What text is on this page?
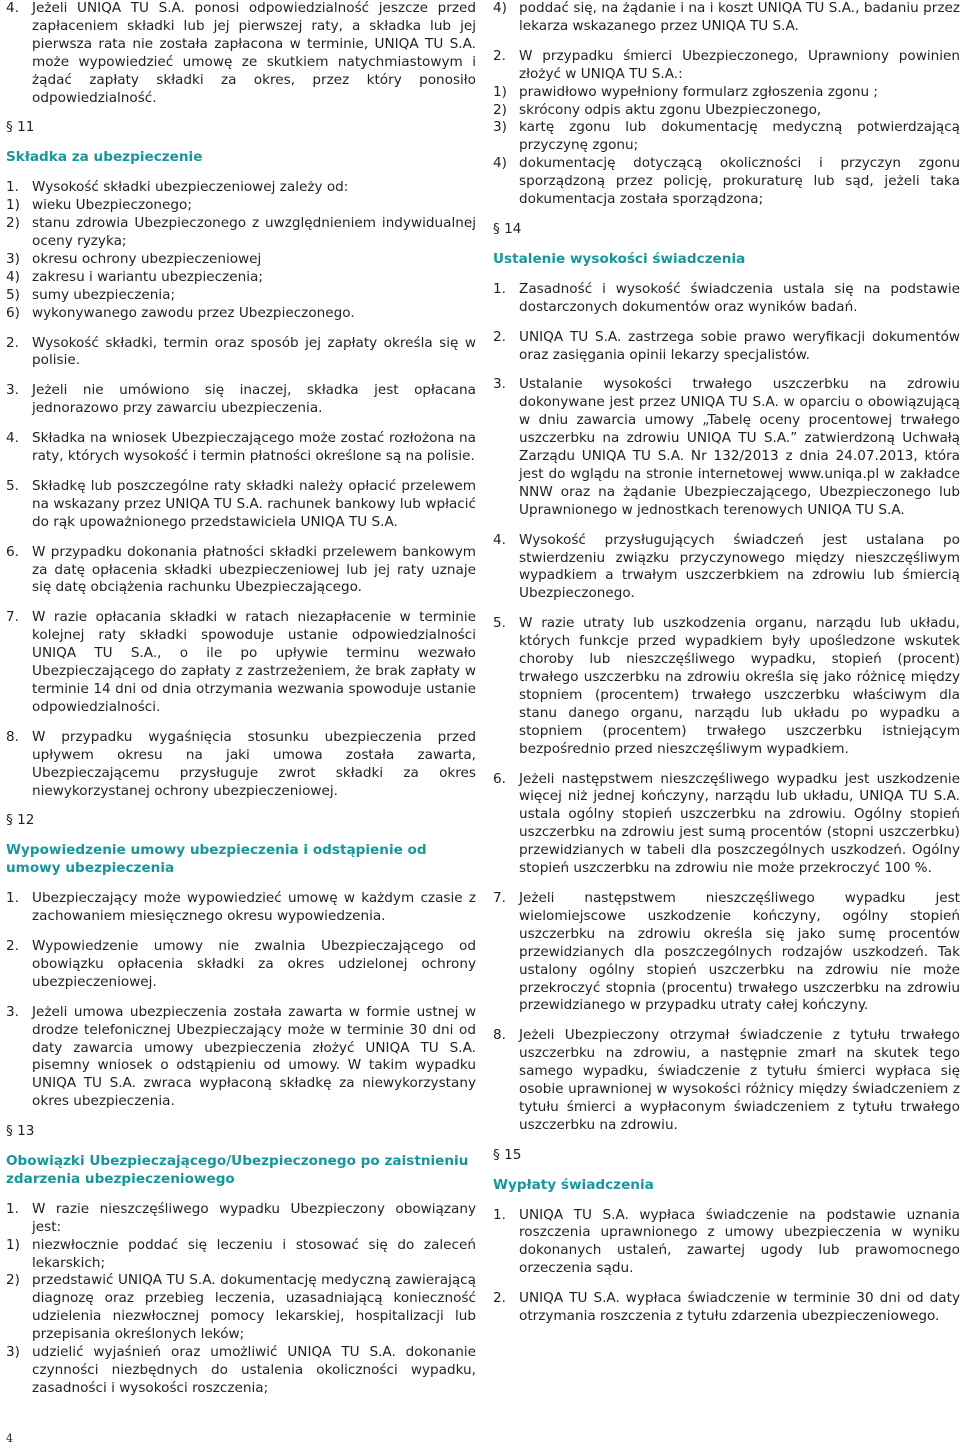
4. Jeżeli UNIQA TU S.A. ponosi odpowiedzialność jeszcze przed zapłaceniem składki lub jej pierwszej raty, a składka lub jej pierwsza rata nie została zapłacona w terminie, UNIQA TU S.A. może wypowiedzieć umowę ze skutkiem natychmiastowym i żądać zapłaty składki za okres, przez który ponosiło odpowiedzialność.

§ 11

Składka za ubezpieczenie

1. Wysokość składki ubezpieczeniowej zależy od:

1) wieku Ubezpieczonego;

2) stanu zdrowia Ubezpieczonego z uwzględnieniem indywidualnej oceny ryzyka;

3) okresu ochrony ubezpieczeniowej

4) zakresu i wariantu ubezpieczenia;

5) sumy ubezpieczenia;

6) wykonywanego zawodu przez Ubezpieczonego.

2. Wysokość składki, termin oraz sposób jej zapłaty określa się w polisie.

3. Jeżeli nie umówiono się inaczej, składka jest opłacana jednorazowo przy zawarciu ubezpieczenia.

4. Składka na wniosek Ubezpieczającego może zostać rozłożona na raty, których wysokość i termin płatności określone są na polisie.

5. Składkę lub poszczególne raty składki należy opłacić przelewem na wskazany przez UNIQA TU S.A. rachunek bankowy lub wpłacić do rąk upoważnionego przedstawiciela UNIQA TU S.A.

6. W przypadku dokonania płatności składki przelewem bankowym za datę opłacenia składki ubezpieczeniowej lub jej raty uznaje się datę obciążenia rachunku Ubezpieczającego.

7. W razie opłacania składki w ratach niezapłacenie w terminie kolejnej raty składki spowoduje ustanie odpowiedzialności UNIQA TU S.A., o ile po upływie terminu wezwało Ubezpieczającego do zapłaty z zastrzeżeniem, że brak zapłaty w terminie 14 dni od dnia otrzymania wezwania spowoduje ustanie odpowiedzialności.

8. W przypadku wygaśnięcia stosunku ubezpieczenia przed upływem okresu na jaki umowa została zawarta, Ubezpieczającemu przysługuje zwrot składki za okres niewykorzystanej ochrony ubezpieczeniowej.

§ 12

Wypowiedzenie umowy ubezpieczenia i odstąpienie od umowy ubezpieczenia

1. Ubezpieczający może wypowiedzieć umowę w każdym czasie z zachowaniem miesięcznego okresu wypowiedzenia.

2. Wypowiedzenie umowy nie zwalnia Ubezpieczającego od obowiązku opłacenia składki za okres udzielonej ochrony ubezpieczeniowej.

3. Jeżeli umowa ubezpieczenia została zawarta w formie ustnej w drodze telefonicznej Ubezpieczający może w terminie 30 dni od daty zawarcia umowy ubezpieczenia złożyć UNIQA TU S.A. pisemny wniosek o odstąpieniu od umowy. W takim wypadku UNIQA TU S.A. zwraca wypłaconą składkę za niewykorzystany okres ubezpieczenia.

§ 13

Obowiązki Ubezpieczającego/Ubezpieczonego po zaistnieniu zdarzenia ubezpieczeniowego

1. W razie nieszczęśliwego wypadku Ubezpieczony obowiązany jest:

1) niezwłocznie poddać się leczeniu i stosować się do zaleceń lekarskich;

2) przedstawić UNIQA TU S.A. dokumentację medyczną zawierającą diagnozę oraz przebieg leczenia, uzasadniającą konieczność udzielenia niezwłocznej pomocy lekarskiej, hospitalizacji lub przepisania określonych leków;

3) udzielić wyjaśnień oraz umożliwić UNIQA TU S.A. dokonanie czynności niezbędnych do ustalenia okoliczności wypadku, zasadności i wysokości roszczenia;

4) poddać się, na żądanie i na i koszt UNIQA TU S.A., badaniu przez lekarza wskazanego przez UNIQA TU S.A.

2. W przypadku śmierci Ubezpieczonego, Uprawniony powinien złożyć w UNIQA TU S.A.:

1) prawidłowo wypełniony formularz zgłoszenia zgonu ;

2) skrócony odpis aktu zgonu Ubezpieczonego,

3) kartę zgonu lub dokumentację medyczną potwierdzającą przyczynę zgonu;

4) dokumentację dotyczącą okoliczności i przyczyn zgonu sporządzoną przez policję, prokuraturę lub sąd, jeżeli taka dokumentacja została sporządzona;

§ 14

Ustalenie wysokości świadczenia

1. Zasadność i wysokość świadczenia ustala się na podstawie dostarczonych dokumentów oraz wyników badań.

2. UNIQA TU S.A. zastrzega sobie prawo weryfikacji dokumentów oraz zasięgania opinii lekarzy specjalistów.

3. Ustalanie wysokości trwałego uszczerbku na zdrowiu dokonywane jest przez UNIQA TU S.A. w oparciu o obowiązującą w dniu zawarcia umowy „Tabelę oceny procentowej trwałego uszczerbku na zdrowiu UNIQA TU S.A.” zatwierdzoną Uchwałą Zarządu UNIQA TU S.A. Nr 132/2013 z dnia 24.07.2013, która jest do wglądu na stronie internetowej www.uniqa.pl w zakładce NNW oraz na żądanie Ubezpieczającego, Ubezpieczonego lub Uprawnionego w jednostkach terenowych UNIQA TU S.A.

4. Wysokość przysługujących świadczeń jest ustalana po stwierdzeniu związku przyczynowego między nieszczęśliwym wypadkiem a trwałym uszczerbkiem na zdrowiu lub śmiercią Ubezpieczonego.

5. W razie utraty lub uszkodzenia organu, narządu lub układu, których funkcje przed wypadkiem były upośledzone wskutek choroby lub nieszczęśliwego wypadku, stopień (procent) trwałego uszczerbku na zdrowiu określa się jako różnicę między stopniem (procentem) trwałego uszczerbku właściwym dla stanu danego organu, narządu lub układu po wypadku a stopniem (procentem) trwałego uszczerbku istniejącym bezpośrednio przed nieszczęśliwym wypadkiem.

6. Jeżeli następstwem nieszczęśliwego wypadku jest uszkodzenie więcej niż jednej kończyny, narządu lub układu, UNIQA TU S.A. ustala ogólny stopień uszczerbku na zdrowiu. Ogólny stopień uszczerbku na zdrowiu jest sumą procentów (stopni uszczerbku) przewidzianych w tabeli dla poszczególnych uszkodzeń. Ogólny stopień uszczerbku na zdrowiu nie może przekroczyć 100 %.

7. Jeżeli następstwem nieszczęśliwego wypadku jest wielomiejscowe uszkodzenie kończyny, ogólny stopień uszczerbku na zdrowiu określa się jako sumę procentów przewidzianych dla poszczególnych rodzajów uszkodzeń. Tak ustalony ogólny stopień uszczerbku na zdrowiu nie może przekroczyć stopnia (procentu) trwałego uszczerbku na zdrowiu przewidzianego w przypadku utraty całej kończyny.

8. Jeżeli Ubezpieczony otrzymał świadczenie z tytułu trwałego uszczerbku na zdrowiu, a następnie zmarł na skutek tego samego wypadku, świadczenie z tytułu śmierci wypłaca się osobie uprawnionej w wysokości różnicy między świadczeniem z tytułu śmierci a wypłaconym świadczeniem z tytułu trwałego uszczerbku na zdrowiu.

§ 15

Wypłaty świadczenia

1. UNIQA TU S.A. wypłaca świadczenie na podstawie uznania roszczenia uprawnionego z umowy ubezpieczenia w wyniku dokonanych ustaleń, zawartej ugody lub prawomocnego orzeczenia sądu.

2. UNIQA TU S.A. wypłaca świadczenie w terminie 30 dni od daty otrzymania roszczenia z tytułu zdarzenia ubezpieczeniowego.

4
